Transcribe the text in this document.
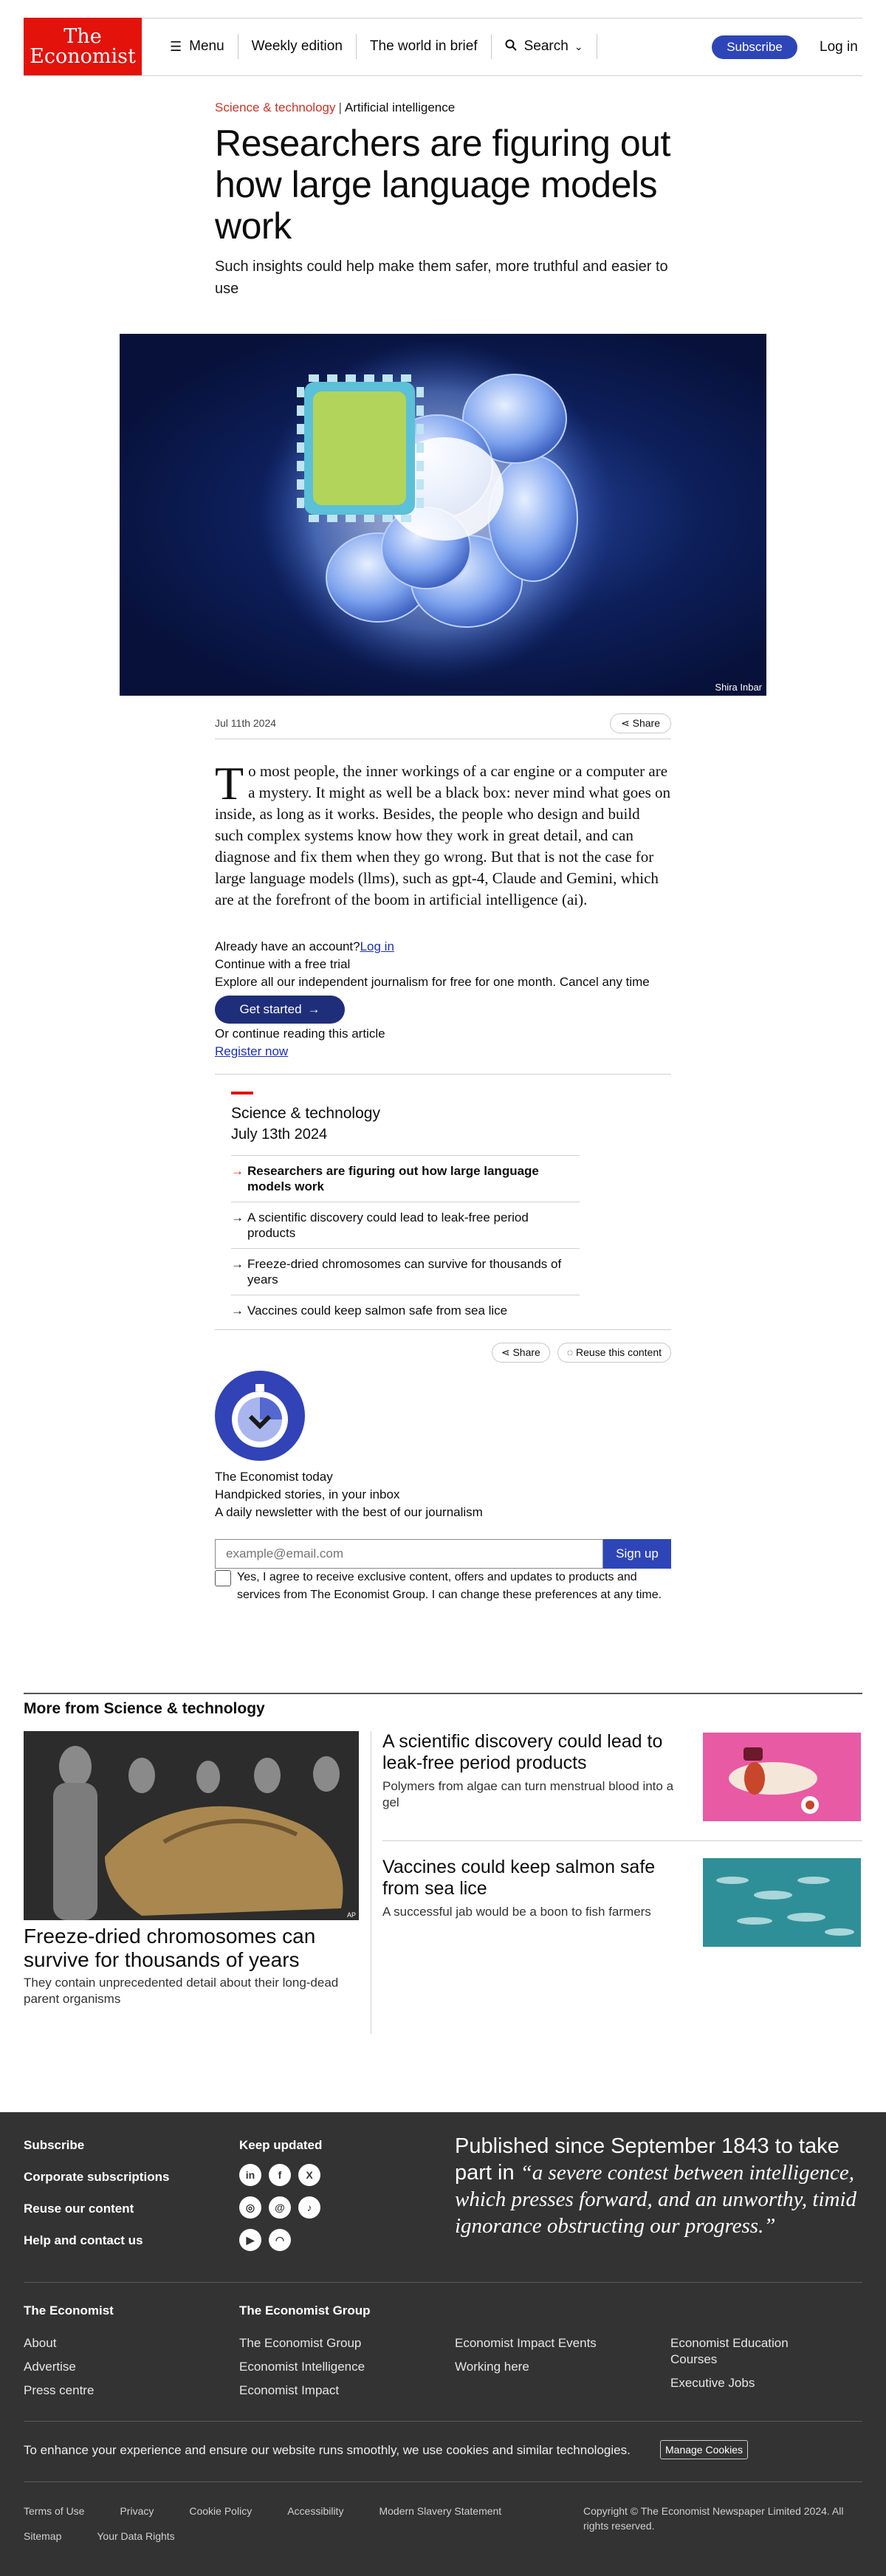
The
Economist	☰ Menu Weekly edition The world in brief	Search ⌄	Subscribe	Log in
Science & technology | Artificial intelligence
Researchers are figuring out how large language models work

Such insights could help make them safer, more truthful and easier to use

Shira Inbar
Jul 11th 2024	⋖ Share
To most people, the inner workings of a car engine or a computer are a mystery. It might as well be a black box: never mind what goes on inside, as long as it works. Besides, the people who design and build such complex systems know how they work in great detail, and can diagnose and fix them when they go wrong. But that is not the case for large language models (llms), such as gpt-4, Claude and Gemini, which are at the forefront of the boom in artificial intelligence (ai).
Already have an account?Log in
Continue with a free trial
Explore all our independent journalism for free for one month. Cancel any time
Get started →
Or continue reading this article
Register now
Science & technology
July 13th 2024
→ Researchers are figuring out how large language models work
→ A scientific discovery could lead to leak-free period products
→ Freeze-dried chromosomes can survive for thousands of years
→ Vaccines could keep salmon safe from sea lice
⋖ Share	◌ Reuse this content
The Economist today
Handpicked stories, in your inbox
A daily newsletter with the best of our journalism
example@email.com
Sign up
Yes, I agree to receive exclusive content, offers and updates to products and services from The Economist Group. I can change these preferences at any time.
More from Science & technology
AP
Freeze-dried chromosomes can survive for thousands of years
They contain unprecedented detail about their long-dead parent organisms
A scientific discovery could lead to leak-free period products
Polymers from algae can turn menstrual blood into a gel
Vaccines could keep salmon safe from sea lice
A successful jab would be a boon to fish farmers
Subscribe
Corporate subscriptions
Reuse our content
Help and contact us
Keep updated
in	f	X
◎	@	♪
▶	◠
Published since September 1843 to take part in “a severe contest between intelligence, which presses forward, and an unworthy, timid ignorance obstructing our progress.”
The Economist
About
Advertise
Press centre
The Economist Group
The Economist Group
Economist Intelligence
Economist Impact
Economist Impact Events
Working here
Economist Education Courses
Executive Jobs
To enhance your experience and ensure our website runs smoothly, we use cookies and similar technologies.	Manage Cookies
Terms of Use	Privacy	Cookie Policy	Accessibility	Modern Slavery Statement
Sitemap	Your Data Rights
Copyright © The Economist Newspaper Limited 2024. All rights reserved.
